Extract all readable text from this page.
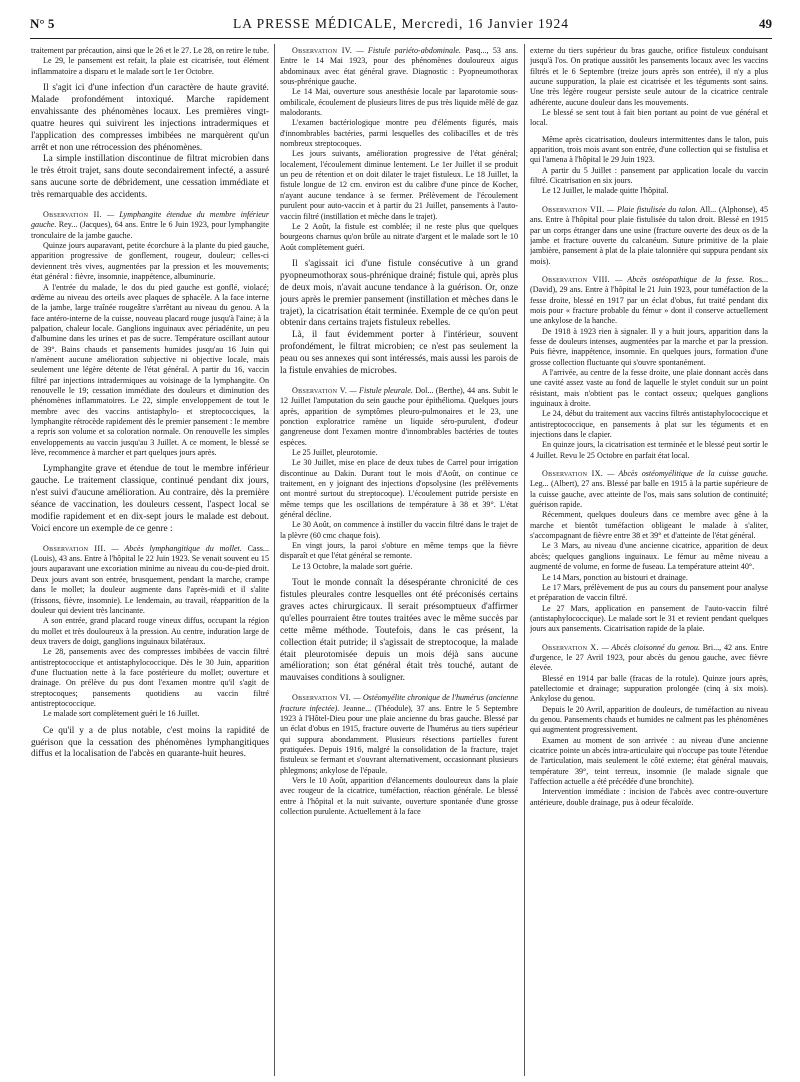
N° 5	LA PRESSE MÉDICALE, Mercredi, 16 Janvier 1924	49

traitement par précaution, ainsi que le 26 et le 27. Le 28, on retire le tube.

Le 29, le pansement est refait, la plaie est cicatrisée, tout élément inflammatoire a disparu et le malade sort le 1er Octobre.

Il s'agit ici d'une infection d'un caractère de haute gravité. Malade profondément intoxiqué. Marche rapidement envahissante des phénomènes locaux. Les premières vingt-quatre heures qui suivirent les injections intradermiques et l'application des compresses imbibées ne marquèrent qu'un arrêt et non une rétrocession des phénomènes.

La simple instillation discontinue de filtrat microbien dans le très étroit trajet, sans doute secondairement infecté, a assuré sans aucune sorte de débridement, une cessation immédiate et très remarquable des accidents.

Observation II. — Lymphangite étendue du membre inférieur gauche. Rey... (Jacques), 64 ans. Entre le 6 Juin 1923, pour lymphangite tronculaire de la jambe gauche.

Quinze jours auparavant, petite écorchure à la plante du pied gauche, apparition progressive de gonflement, rougeur, douleur; celles-ci deviennent très vives, augmentées par la pression et les mouvements; état général : fièvre, insomnie, inappétence, albuminurie.

A l'entrée du malade, le dos du pied gauche est gonflé, violacé; œdème au niveau des orteils avec plaques de sphacèle. A la face interne de la jambe, large traînée rougeâtre s'arrêtant au niveau du genou. A la face antéro-interne de la cuisse, nouveau placard rouge jusqu'à l'aine; à la palpation, chaleur locale. Ganglions inguinaux avec périadénite, un peu d'albumine dans les urines et pas de sucre. Température oscillant autour de 39°. Bains chauds et pansements humides jusqu'au 16 Juin qui n'amènent aucune amélioration subjective ni objective locale, mais seulement une légère détente de l'état général. A partir du 16, vaccin filtré par injections intradermiques au voisinage de la lymphangite. On renouvelle le 19; cessation immédiate des douleurs et diminution des phénomènes inflammatoires. Le 22, simple enveloppement de tout le membre avec des vaccins antistaphylo- et streptococciques, la lymphangite rétrocède rapidement dès le premier pansement : le membre a repris son volume et sa coloration normale. On renouvelle les simples enveloppements au vaccin jusqu'au 3 Juillet. A ce moment, le blessé se lève, recommence à marcher et part quelques jours après.

Lymphangite grave et étendue de tout le membre inférieur gauche. Le traitement classique, continué pendant dix jours, n'est suivi d'aucune amélioration. Au contraire, dès la première séance de vaccination, les douleurs cessent, l'aspect local se modifie rapidement et en dix-sept jours le malade est debout. Voici encore un exemple de ce genre :

Observation III. — Abcès lymphangitique du mollet. Cass... (Louis), 43 ans. Entre à l'hôpital le 22 Juin 1923. Se venait souvent eu 15 jours auparavant une excoriation minime au niveau du cou-de-pied droit. Deux jours avant son entrée, brusquement, pendant la marche, crampe dans le mollet; la douleur augmente dans l'après-midi et il s'alite (frissons, fièvre, insomnie). Le lendemain, au travail, réapparition de la douleur qui devient très lancinante.

A son entrée, grand placard rouge vineux diffus, occupant la région du mollet et très douloureux à la pression. Au centre, induration large de deux travers de doigt, ganglions inguinaux bilatéraux.

Le 28, pansements avec des compresses imbibées de vaccin filtré antistreptococcique et antistaphylococcique. Dès le 30 Juin, apparition d'une fluctuation nette à la face postérieure du mollet; ouverture et drainage. On prélève du pus dont l'examen montre qu'il s'agit de streptocoques; pansements quotidiens au vaccin filtré antistreptococcique.

Le malade sort complètement guéri le 16 Juillet.

Ce qu'il y a de plus notable, c'est moins la rapidité de guérison que la cessation des phénomènes lymphangitiques diffus et la localisation de l'abcès en quarante-huit heures.

Observation IV. — Fistule pariéto-abdominale. Pasq..., 53 ans. Entre le 14 Mai 1923, pour des phénomènes douloureux aigus abdominaux avec état général grave. Diagnostic : Pyopneumothorax sous-phrénique gauche.

Le 14 Mai, ouverture sous anesthésie locale par laparotomie sous-ombilicale, écoulement de plusieurs litres de pus très liquide mêlé de gaz malodorants.

L'examen bactériologique montre peu d'éléments figurés, mais d'innombrables bactéries, parmi lesquelles des colibacilles et de très nombreux streptocoques.

Les jours suivants, amélioration progressive de l'état général; localement, l'écoulement diminue lentement. Le 1er Juillet il se produit un peu de rétention et on doit dilater le trajet fistuleux. Le 18 Juillet, la fistule longue de 12 cm. environ est du calibre d'une pince de Kocher, n'ayant aucune tendance à se fermer. Prélèvement de l'écoulement purulent pour auto-vaccin et à partir du 21 Juillet, pansements à l'auto-vaccin filtré (instillation et mèche dans le trajet).

Le 2 Août, la fistule est comblée; il ne reste plus que quelques bourgeons charnus qu'on brûle au nitrate d'argent et le malade sort le 10 Août complètement guéri.

Il s'agissait ici d'une fistule consécutive à un grand pyopneumothorax sous-phrénique drainé; fistule qui, après plus de deux mois, n'avait aucune tendance à la guérison. Or, onze jours après le premier pansement (instillation et mèches dans le trajet), la cicatrisation était terminée. Exemple de ce qu'on peut obtenir dans certains trajets fistuleux rebelles.

Là, il faut évidemment porter à l'intérieur, souvent profondément, le filtrat microbien; ce n'est pas seulement la peau ou ses annexes qui sont intéressés, mais aussi les parois de la fistule envahies de microbes.

Observation V. — Fistule pleurale. Dol... (Berthe), 44 ans. Subit le 12 Juillet l'amputation du sein gauche pour épithélioma. Quelques jours après, apparition de symptômes pleuro-pulmonaires et le 23, une ponction exploratrice ramène un liquide séro-purulent, d'odeur gangreneuse dont l'examen montre d'innombrables bactéries de toutes espèces.

Le 25 Juillet, pleurotomie.

Le 30 Juillet, mise en place de deux tubes de Carrel pour irrigation discontinue au Dakin. Durant tout le mois d'Août, on continue ce traitement, en y joignant des injections d'opsolysine (les prélèvements ont montré surtout du streptocoque). L'écoulement putride persiste en même temps que les oscillations de température à 38 et 39°. L'état général décline.

Le 30 Août, on commence à instiller du vaccin filtré dans le trajet de la plèvre (60 cmc chaque fois).

En vingt jours, la paroi s'obture en même temps que la fièvre disparaît et que l'état général se remonte.

Le 13 Octobre, la malade sort guérie.

Tout le monde connaît la désespérante chronicité de ces fistules pleurales contre lesquelles ont été préconisés certains graves actes chirurgicaux. Il serait présomptueux d'affirmer qu'elles pourraient être toutes traitées avec le même succès par cette même méthode. Toutefois, dans le cas présent, la collection était putride; il s'agissait de streptocoque, la malade était pleurotomisée depuis un mois déjà sans aucune amélioration; son état général était très touché, autant de mauvaises conditions à souligner.

Observation VI. — Ostéomyélite chronique de l'humérus (ancienne fracture infectée). Jeanne... (Théodule), 37 ans. Entre le 5 Septembre 1923 à l'Hôtel-Dieu pour une plaie ancienne du bras gauche. Blessé par un éclat d'obus en 1915, fracture ouverte de l'humérus au tiers supérieur qui suppura abondamment. Plusieurs résections partielles furent pratiquées. Depuis 1916, malgré la consolidation de la fracture, trajet fistuleux se fermant et s'ouvrant alternativement, occasionnant plusieurs phlegmons; ankylose de l'épaule.

Vers le 10 Août, apparition d'élancements douloureux dans la plaie avec rougeur de la cicatrice, tuméfaction, réaction générale. Le blessé entre à l'hôpital et la nuit suivante, ouverture spontanée d'une grosse collection purulente. Actuellement à la face

externe du tiers supérieur du bras gauche, orifice fistuleux conduisant jusqu'à l'os. On pratique aussitôt les pansements locaux avec les vaccins filtrés et le 6 Septembre (treize jours après son entrée), il n'y a plus aucune suppuration, la plaie est cicatrisée et les téguments sont sains. Une très légère rougeur persiste seule autour de la cicatrice centrale adhérente, aucune douleur dans les mouvements.

Le blessé se sent tout à fait bien portant au point de vue général et local.

Même après cicatrisation, douleurs intermittentes dans le talon, puis apparition, trois mois avant son entrée, d'une collection qui se fistulisa et qui l'amena à l'hôpital le 29 Juin 1923.

A partir du 5 Juillet : pansement par application locale du vaccin filtré. Cicatrisation en six jours.

Le 12 Juillet, le malade quitte l'hôpital.

Observation VII. — Plaie fistulisée du talon. All... (Alphonse), 45 ans. Entre à l'hôpital pour plaie fistulisée du talon droit. Blessé en 1915 par un corps étranger dans une usine (fracture ouverte des deux os de la jambe et fracture ouverte du calcanéum. Suture primitive de la plaie jambière, pansement à plat de la plaie talonnière qui suppura pendant six mois).

Observation VIII. — Abcès ostéopathique de la fesse. Ros... (David), 29 ans. Entre à l'hôpital le 21 Juin 1923, pour tuméfaction de la fesse droite, blessé en 1917 par un éclat d'obus, fut traité pendant dix mois pour « fracture probable du fémur » dont il conserve actuellement une ankylose de la hanche.

De 1918 à 1923 rien à signaler. Il y a huit jours, apparition dans la fesse de douleurs intenses, augmentées par la marche et par la pression. Puis fièvre, inappétence, insomnie. En quelques jours, formation d'une grosse collection fluctuante qui s'ouvre spontanément.

A l'arrivée, au centre de la fesse droite, une plaie donnant accès dans une cavité assez vaste au fond de laquelle le stylet conduit sur un point résistant, mais n'obtient pas le contact osseux; quelques ganglions inguinaux à droite.

Le 24, début du traitement aux vaccins filtrés antistaphylococcique et antistreptococcique, en pansements à plat sur les téguments et en injections dans le clapier.

En quinze jours, la cicatrisation est terminée et le blessé peut sortir le 4 Juillet. Revu le 25 Octobre en parfait état local.

Observation IX. — Abcès ostéomyélitique de la cuisse gauche. Leg... (Albert), 27 ans. Blessé par balle en 1915 à la partie supérieure de la cuisse gauche, avec atteinte de l'os, mais sans solution de continuité; guérison rapide.

Récemment, quelques douleurs dans ce membre avec gêne à la marche et bientôt tuméfaction obligeant le malade à s'aliter, s'accompagnant de fièvre entre 38 et 39° et d'atteinte de l'état général.

Le 3 Mars, au niveau d'une ancienne cicatrice, apparition de deux abcès; quelques ganglions inguinaux. Le fémur au même niveau a augmenté de volume, en forme de fuseau. La température atteint 40°.

Le 14 Mars, ponction au bistouri et drainage.

Le 17 Mars, prélèvement de pus au cours du pansement pour analyse et préparation de vaccin filtré.

Le 27 Mars, application en pansement de l'auto-vaccin filtré (antistaphylococcique). Le malade sort le 31 et revient pendant quelques jours aux pansements. Cicatrisation rapide de la plaie.

Observation X. — Abcès cloisonné du genou. Bri..., 42 ans. Entre d'urgence, le 27 Avril 1923, pour abcès du genou gauche, avec fièvre élevée.

Blessé en 1914 par balle (fracas de la rotule). Quinze jours après, patellectomie et drainage; suppuration prolongée (cinq à six mois). Ankylose du genou.

Depuis le 20 Avril, apparition de douleurs, de tuméfaction au niveau du genou. Pansements chauds et humides ne calment pas les phénomènes qui augmentent progressivement.

Examen au moment de son arrivée : au niveau d'une ancienne cicatrice pointe un abcès intra-articulaire qui n'occupe pas toute l'étendue de l'articulation, mais seulement le côté externe; état général mauvais, température 39°, teint terreux, insomnie (le malade signale que l'affection actuelle a été précédée d'une bronchite).

Intervention immédiate : incision de l'abcès avec contre-ouverture antérieure, double drainage, pus à odeur fécaloïde.
